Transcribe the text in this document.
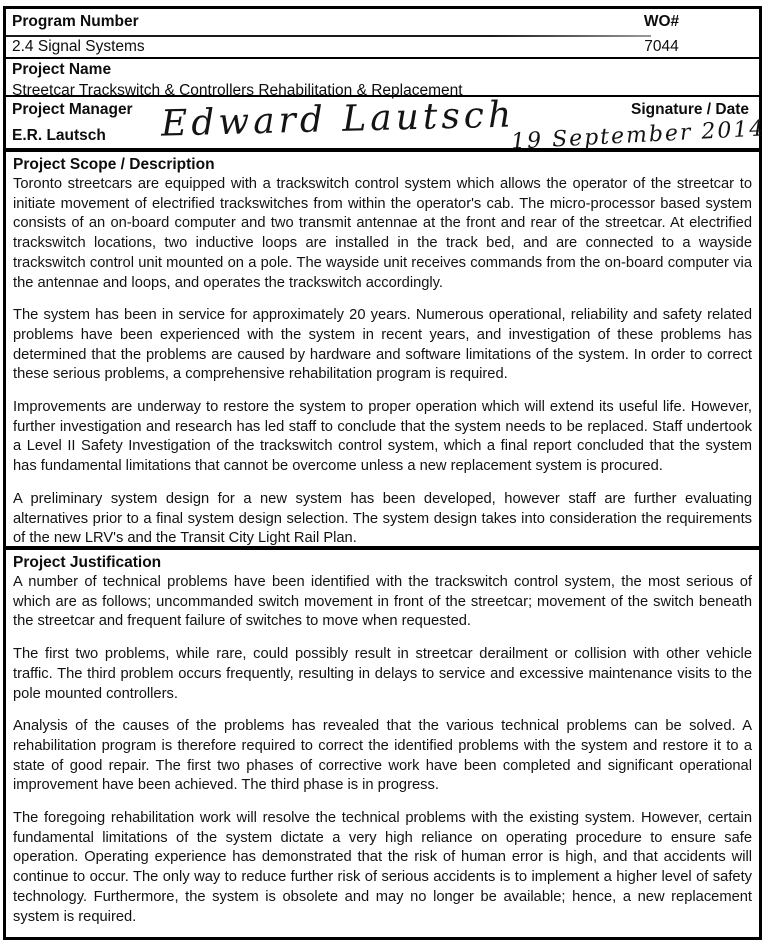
Program Number
2.4 Signal Systems
WO#
7044
Project Name
Streetcar Trackswitch & Controllers Rehabilitation & Replacement
Project Manager
E.R. Lautsch	Edward Lautsch	Signature / Date
19 September 2014
Project Scope / Description

Toronto streetcars are equipped with a trackswitch control system which allows the operator of the streetcar to initiate movement of electrified trackswitches from within the operator's cab. The micro-processor based system consists of an on-board computer and two transmit antennae at the front and rear of the streetcar. At electrified trackswitch locations, two inductive loops are installed in the track bed, and are connected to a wayside trackswitch control unit mounted on a pole. The wayside unit receives commands from the on-board computer via the antennae and loops, and operates the trackswitch accordingly.

The system has been in service for approximately 20 years. Numerous operational, reliability and safety related problems have been experienced with the system in recent years, and investigation of these problems has determined that the problems are caused by hardware and software limitations of the system. In order to correct these serious problems, a comprehensive rehabilitation program is required.

Improvements are underway to restore the system to proper operation which will extend its useful life. However, further investigation and research has led staff to conclude that the system needs to be replaced. Staff undertook a Level II Safety Investigation of the trackswitch control system, which a final report concluded that the system has fundamental limitations that cannot be overcome unless a new replacement system is procured.

A preliminary system design for a new system has been developed, however staff are further evaluating alternatives prior to a final system design selection. The system design takes into consideration the requirements of the new LRV's and the Transit City Light Rail Plan.

Project Justification

A number of technical problems have been identified with the trackswitch control system, the most serious of which are as follows; uncommanded switch movement in front of the streetcar; movement of the switch beneath the streetcar and frequent failure of switches to move when requested.

The first two problems, while rare, could possibly result in streetcar derailment or collision with other vehicle traffic. The third problem occurs frequently, resulting in delays to service and excessive maintenance visits to the pole mounted controllers.

Analysis of the causes of the problems has revealed that the various technical problems can be solved. A rehabilitation program is therefore required to correct the identified problems with the system and restore it to a state of good repair. The first two phases of corrective work have been completed and significant operational improvement have been achieved. The third phase is in progress.

The foregoing rehabilitation work will resolve the technical problems with the existing system. However, certain fundamental limitations of the system dictate a very high reliance on operating procedure to ensure safe operation. Operating experience has demonstrated that the risk of human error is high, and that accidents will continue to occur. The only way to reduce further risk of serious accidents is to implement a higher level of safety technology. Furthermore, the system is obsolete and may no longer be available; hence, a new replacement system is required.
